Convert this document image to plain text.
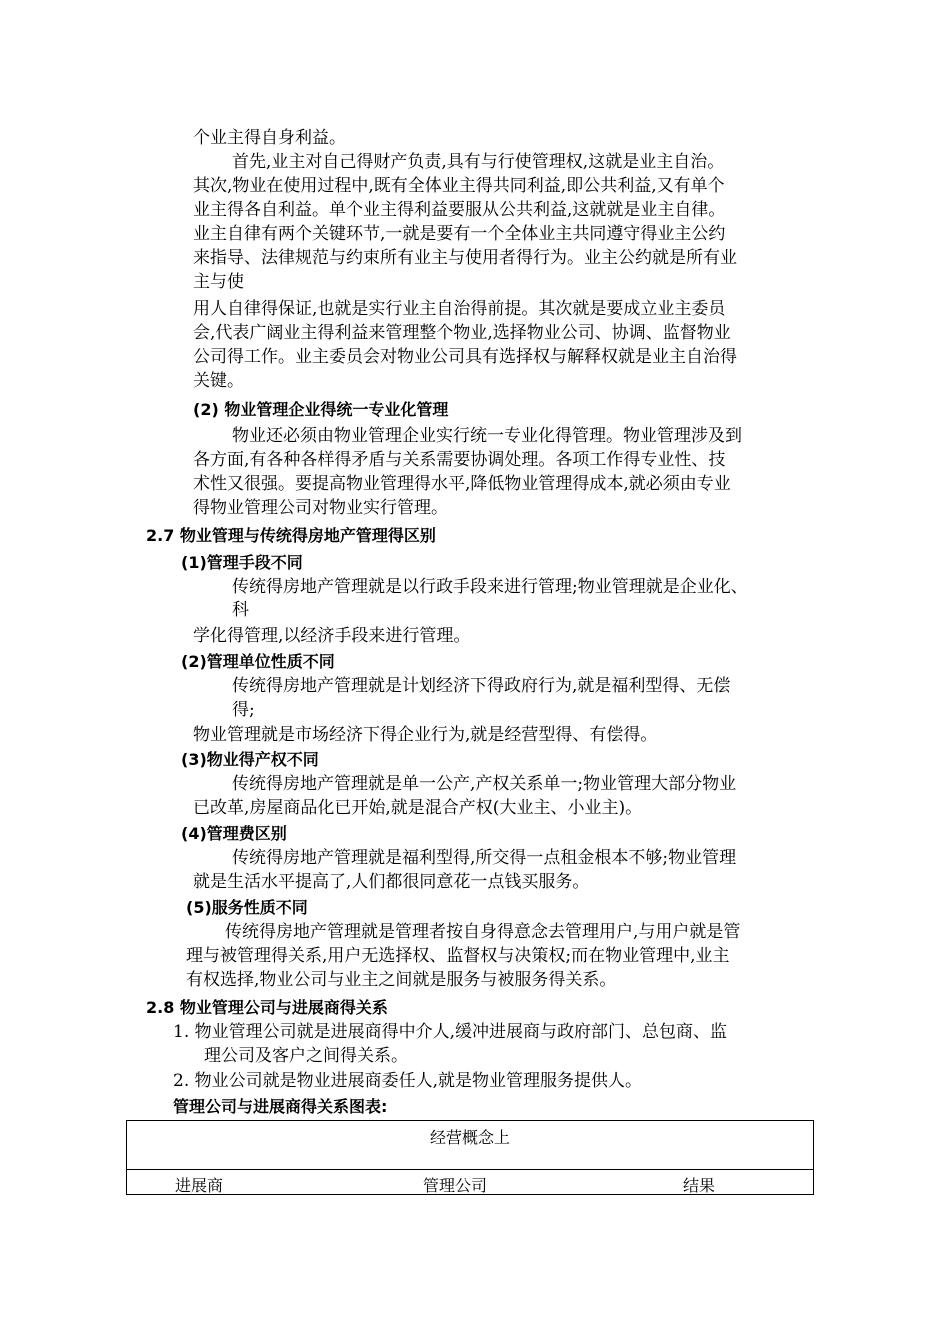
个业主得自身利益。
首先,业主对自己得财产负责,具有与行使管理权,这就是业主自治。
其次,物业在使用过程中,既有全体业主得共同利益,即公共利益,又有单个
业主得各自利益。单个业主得利益要服从公共利益,这就就是业主自律。
业主自律有两个关键环节,一就是要有一个全体业主共同遵守得业主公约
来指导、法律规范与约束所有业主与使用者得行为。业主公约就是所有业
主与使
用人自律得保证,也就是实行业主自治得前提。其次就是要成立业主委员
会,代表广阔业主得利益来管理整个物业,选择物业公司、协调、监督物业
公司得工作。业主委员会对物业公司具有选择权与解释权就是业主自治得
关键。
(2) 物业管理企业得统一专业化管理
物业还必须由物业管理企业实行统一专业化得管理。物业管理涉及到
各方面,有各种各样得矛盾与关系需要协调处理。各项工作得专业性、技
术性又很强。要提高物业管理得水平,降低物业管理得成本,就必须由专业
得物业管理公司对物业实行管理。
2.7 物业管理与传统得房地产管理得区别
(1)管理手段不同
传统得房地产管理就是以行政手段来进行管理;物业管理就是企业化、
科
学化得管理,以经济手段来进行管理。
(2)管理单位性质不同
传统得房地产管理就是计划经济下得政府行为,就是福利型得、无偿
得;
物业管理就是市场经济下得企业行为,就是经营型得、有偿得。
(3)物业得产权不同
传统得房地产管理就是单一公产,产权关系单一;物业管理大部分物业
已改革,房屋商品化已开始,就是混合产权(大业主、小业主)。
(4)管理费区别
传统得房地产管理就是福利型得,所交得一点租金根本不够;物业管理
就是生活水平提高了,人们都很同意花一点钱买服务。
(5)服务性质不同
传统得房地产管理就是管理者按自身得意念去管理用户,与用户就是管
理与被管理得关系,用户无选择权、监督权与决策权;而在物业管理中,业主
有权选择,物业公司与业主之间就是服务与被服务得关系。
2.8 物业管理公司与进展商得关系
1. 物业管理公司就是进展商得中介人,缓冲进展商与政府部门、总包商、监
理公司及客户之间得关系。
2. 物业公司就是物业进展商委任人,就是物业管理服务提供人。
管理公司与进展商得关系图表:
经营概念上
进展商	管理公司	结果
